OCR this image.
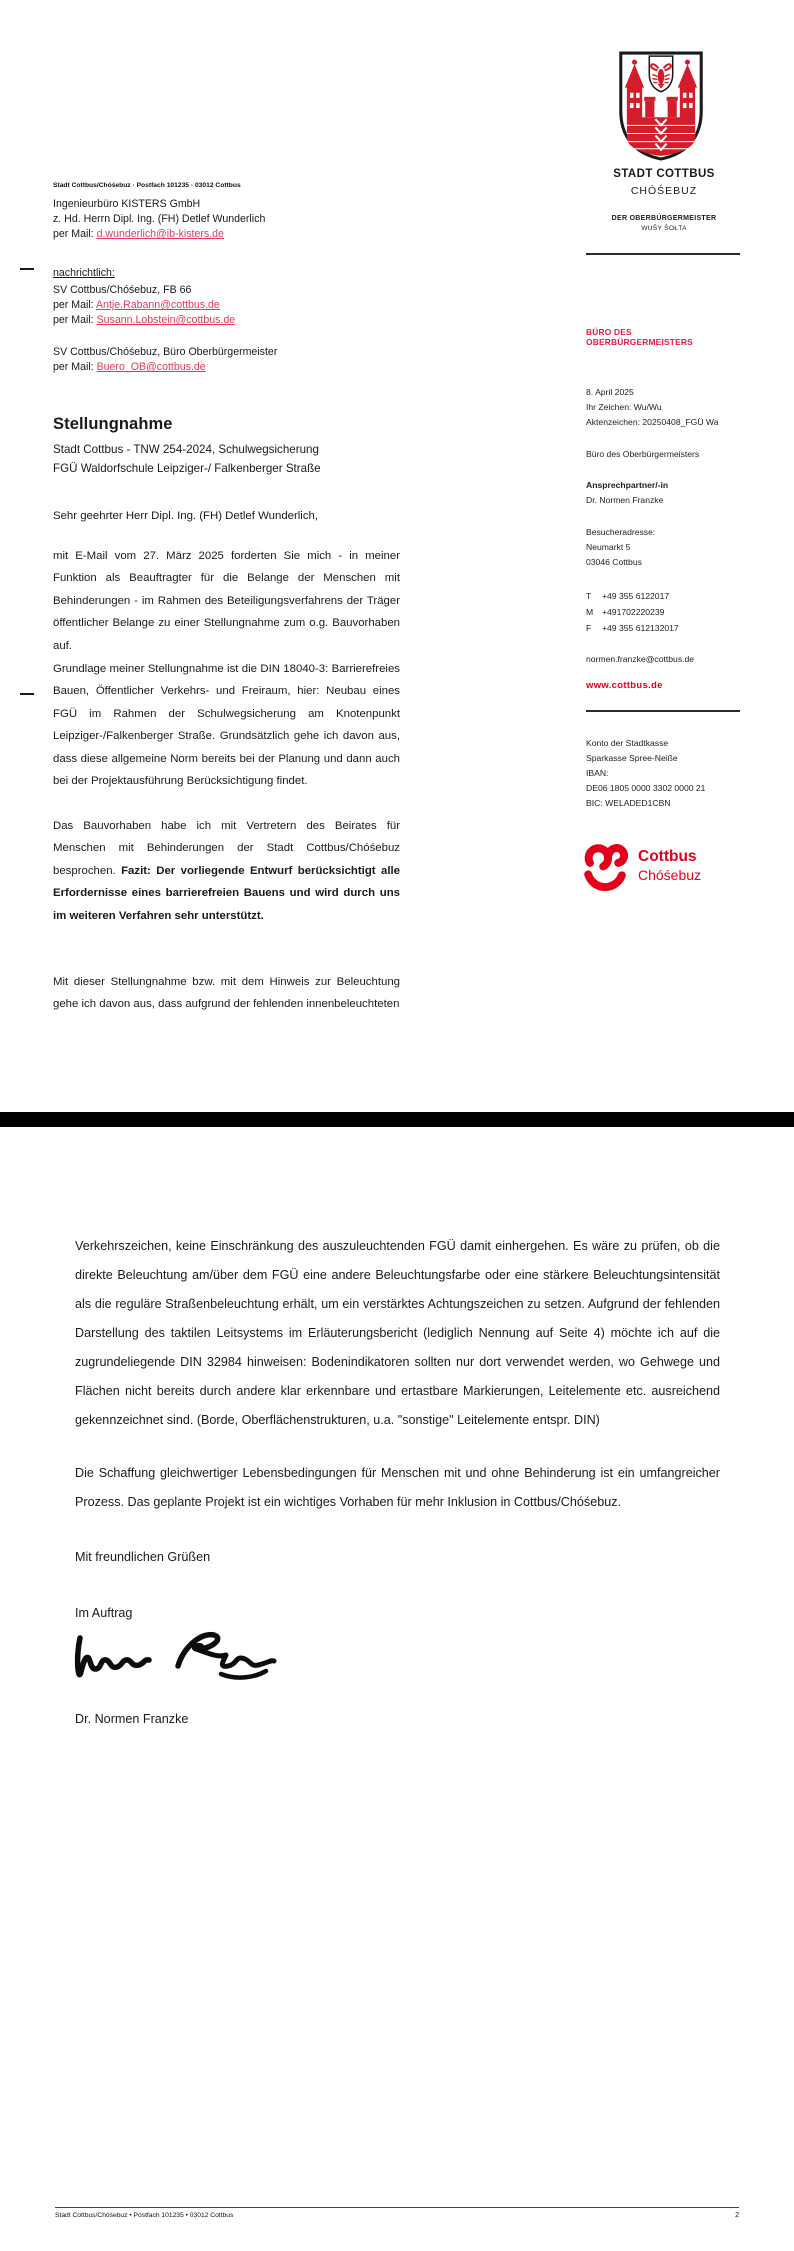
Stadt Cottbus/Chóśebuz · Postfach 101235 · 03012 Cottbus
Ingenieurbüro KISTERS GmbH
z. Hd. Herrn Dipl. Ing. (FH) Detlef Wunderlich
per Mail: d.wunderlich@ib-kisters.de
nachrichtlich:
SV Cottbus/Chóśebuz, FB 66
per Mail: Antje.Rabann@cottbus.de
per Mail: Susann.Lobstein@cottbus.de
SV Cottbus/Chóśebuz, Büro Oberbürgermeister
per Mail: Buero_OB@cottbus.de
Stellungnahme
Stadt Cottbus - TNW 254-2024, Schulwegsicherung
FGÜ Waldorfschule Leipziger-/ Falkenberger Straße
Sehr geehrter Herr Dipl. Ing. (FH) Detlef Wunderlich,
mit E-Mail vom 27. März 2025 forderten Sie mich - in meiner Funktion als Beauftragter für die Belange der Menschen mit Behinderungen - im Rahmen des Beteiligungsverfahrens der Träger öffentlicher Belange zu einer Stellungnahme zum o.g. Bauvorhaben auf.
Grundlage meiner Stellungnahme ist die DIN 18040-3: Barrierefreies Bauen, Öffentlicher Verkehrs- und Freiraum, hier: Neubau eines FGÜ im Rahmen der Schulwegsicherung am Knotenpunkt Leipziger-/Falkenberger Straße. Grundsätzlich gehe ich davon aus, dass diese allgemeine Norm bereits bei der Planung und dann auch bei der Projektausführung Berücksichtigung findet.
Das Bauvorhaben habe ich mit Vertretern des Beirates für Menschen mit Behinderungen der Stadt Cottbus/Chóśebuz besprochen. Fazit: Der vorliegende Entwurf berücksichtigt alle Erfordernisse eines barrierefreien Bauens und wird durch uns im weiteren Verfahren sehr unterstützt.
Mit dieser Stellungnahme bzw. mit dem Hinweis zur Beleuchtung gehe ich davon aus, dass aufgrund der fehlenden innenbeleuchteten
STADT COTTBUS
CHÓŚEBUZ
DER OBERBÜRGERMEISTER
WUŠY ŠOŁTA
BÜRO DES
OBERBÜRGERMEISTERS
8. April 2025
Ihr Zeichen: Wu/Wu
Aktenzeichen: 20250408_FGÜ Wa
Büro des Oberbürgermeisters
Ansprechpartner/-in
Dr. Normen Franzke
Besucheradresse:
Neumarkt 5
03046 Cottbus
T +49 355 6122017
M +491702220239
F +49 355 612132017
normen.franzke@cottbus.de
www.cottbus.de
Konto der Stadtkasse
Sparkasse Spree-Neiße
IBAN:
DE06 1805 0000 3302 0000 21
BIC: WELADED1CBN
Cottbus
Chóśebuz
Verkehrszeichen, keine Einschränkung des auszuleuchtenden FGÜ damit einhergehen. Es wäre zu prüfen, ob die direkte Beleuchtung am/über dem FGÜ eine andere Beleuchtungsfarbe oder eine stärkere Beleuchtungsintensität als die reguläre Straßenbeleuchtung erhält, um ein verstärktes Achtungszeichen zu setzen. Aufgrund der fehlenden Darstellung des taktilen Leitsystems im Erläuterungsbericht (lediglich Nennung auf Seite 4) möchte ich auf die zugrundeliegende DIN 32984 hinweisen: Bodenindikatoren sollten nur dort verwendet werden, wo Gehwege und Flächen nicht bereits durch andere klar erkennbare und ertastbare Markierungen, Leitelemente etc. ausreichend gekennzeichnet sind. (Borde, Oberflächenstrukturen, u.a. "sonstige" Leitelemente entspr. DIN)
Die Schaffung gleichwertiger Lebensbedingungen für Menschen mit und ohne Behinderung ist ein umfangreicher Prozess. Das geplante Projekt ist ein wichtiges Vorhaben für mehr Inklusion in Cottbus/Chóśebuz.
Mit freundlichen Grüßen
Im Auftrag
Dr. Normen Franzke
Stadt Cottbus/Chóśebuz • Postfach 101235 • 03012 Cottbus	2
